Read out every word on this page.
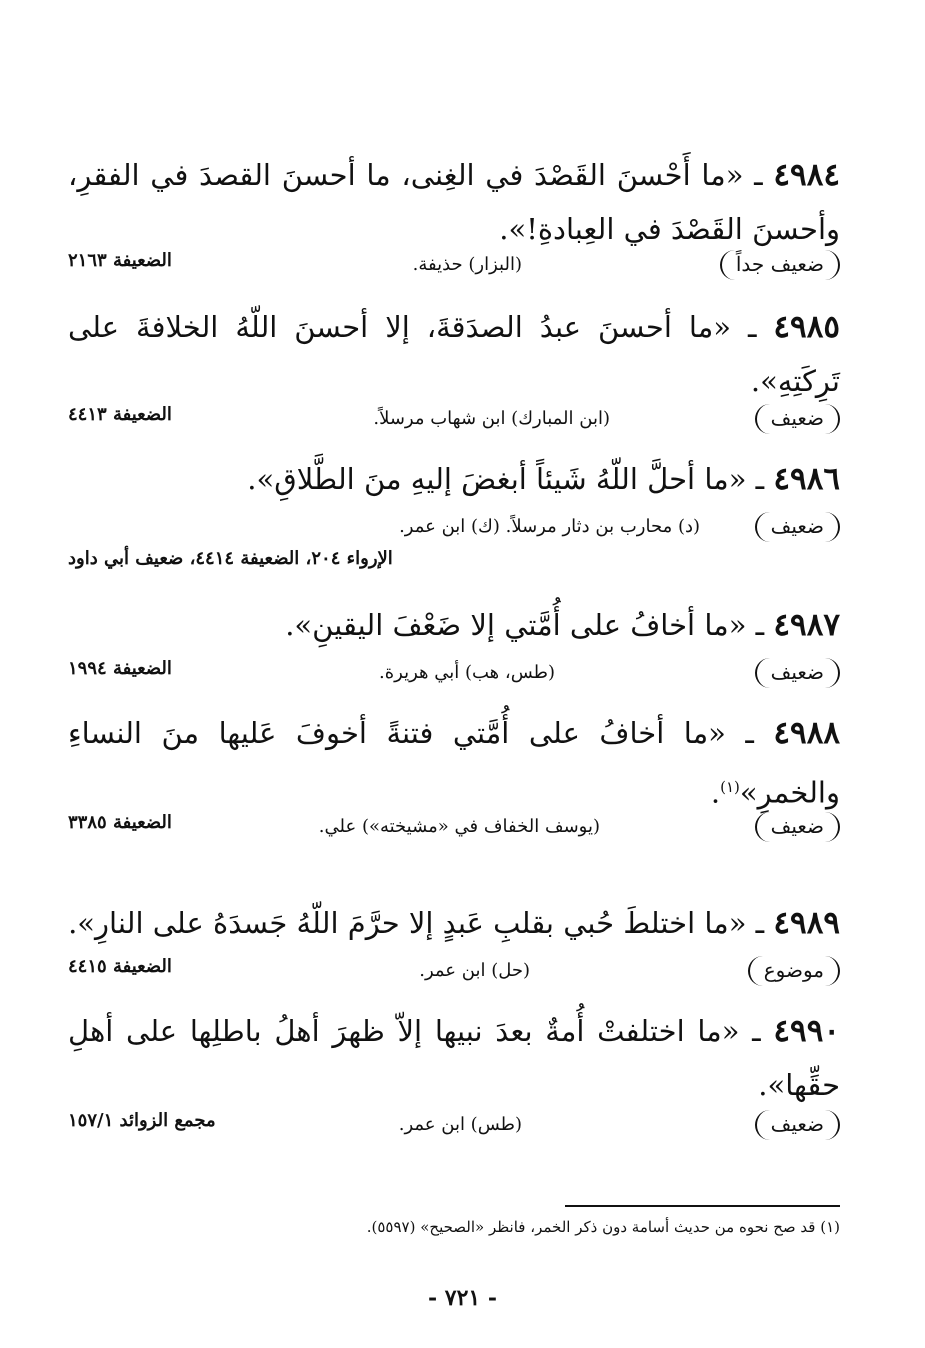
٤٩٨٤ ـ «ما أَحْسنَ القَصْدَ في الغِنى، ما أحسنَ القصدَ في الفقرِ، وأحسنَ القَصْدَ في العِبادةِ!».

ضعيف جداً
(البزار) حذيفة.
الضعيفة ٢١٦٣

٤٩٨٥ ـ «ما أحسنَ عبدُ الصدَقةَ، إلا أحسنَ اللّهُ الخلافةَ على تَرِكَتِهِ».

ضعيف
(ابن المبارك) ابن شهاب مرسلاً.
الضعيفة ٤٤١٣

٤٩٨٦ ـ «ما أحلَّ اللّهُ شَيئاً أبغضَ إليهِ منَ الطَّلاقِ».

ضعيف
(د) محارب بن دثار مرسلاً. (ك) ابن عمر.
الإرواء ٢٠٤، الضعيفة ٤٤١٤، ضعيف أبي داود

٤٩٨٧ ـ «ما أخافُ على أُمَّتي إلا ضَعْفَ اليقينِ».

ضعيف
(طس، هب) أبي هريرة.
الضعيفة ١٩٩٤

٤٩٨٨ ـ «ما أخافُ على أُمَّتي فتنةً أخوفَ عَليها منَ النساءِ والخمرِ»$^{(١)}$.

ضعيف
(يوسف الخفاف في «مشيخته») علي.
الضعيفة ٣٣٨٥

٤٩٨٩ ـ «ما اختلطَ حُبي بقلبِ عَبدٍ إلا حرَّمَ اللّهُ جَسدَهُ على النارِ».

موضوع
(حل) ابن عمر.
الضعيفة ٤٤١٥

٤٩٩٠ ـ «ما اختلفتْ أُمةٌ بعدَ نبيها إلاّ ظهرَ أهلُ باطلِها على أهلِ حقِّها».

ضعيف
(طس) ابن عمر.
مجمع الزوائد ١٥٧/١
(١) قد صح نحوه من حديث أسامة دون ذكر الخمر، فانظر «الصحيح» (٥٥٩٧).
- ٧٢١ -
